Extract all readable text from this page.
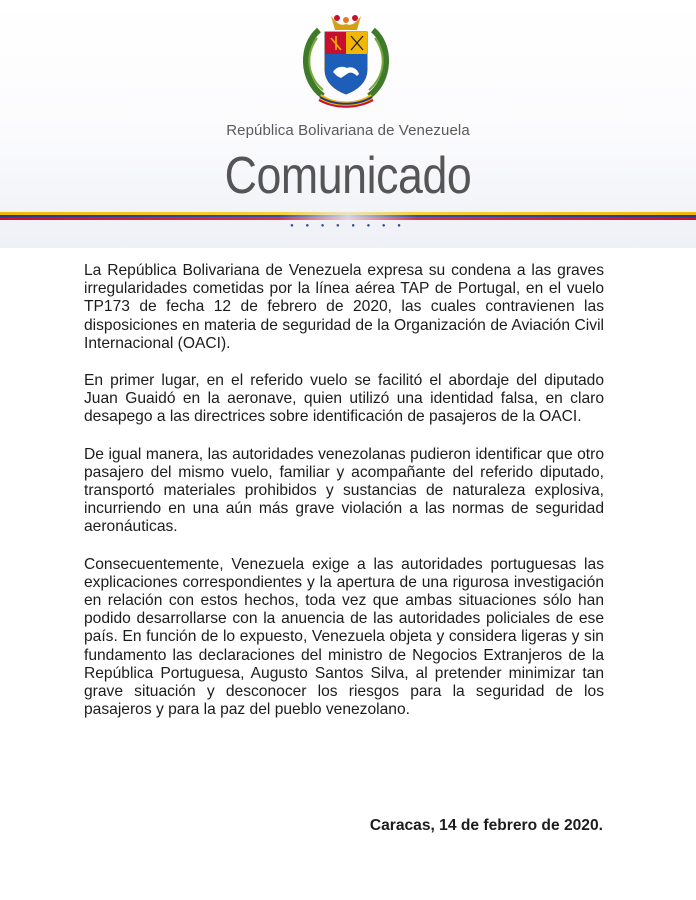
República Bolivariana de Venezuela
Comunicado
● ● ● ● ● ● ● ●

La República Bolivariana de Venezuela expresa su condena a las graves irregularidades cometidas por la línea aérea TAP de Portugal, en el vuelo TP173 de fecha 12 de febrero de 2020, las cuales contravienen las disposiciones en materia de seguridad de la Organización de Aviación Civil Internacional (OACI).

En primer lugar, en el referido vuelo se facilitó el abordaje del diputado Juan Guaidó en la aeronave, quien utilizó una identidad falsa, en claro desapego a las directrices sobre identificación de pasajeros de la OACI.

De igual manera, las autoridades venezolanas pudieron identificar que otro pasajero del mismo vuelo, familiar y acompañante del referido diputado, transportó materiales prohibidos y sustancias de naturaleza explosiva, incurriendo en una aún más grave violación a las normas de seguridad aeronáuticas.

Consecuentemente, Venezuela exige a las autoridades portuguesas las explicaciones correspondientes y la apertura de una rigurosa investigación en relación con estos hechos, toda vez que ambas situaciones sólo han podido desarrollarse con la anuencia de las autoridades policiales de ese país. En función de lo expuesto, Venezuela objeta y considera ligeras y sin fundamento las declaraciones del ministro de Negocios Extranjeros de la República Portuguesa, Augusto Santos Silva, al pretender minimizar tan grave situación y desconocer los riesgos para la seguridad de los pasajeros y para la paz del pueblo venezolano.

Caracas, 14 de febrero de 2020.
